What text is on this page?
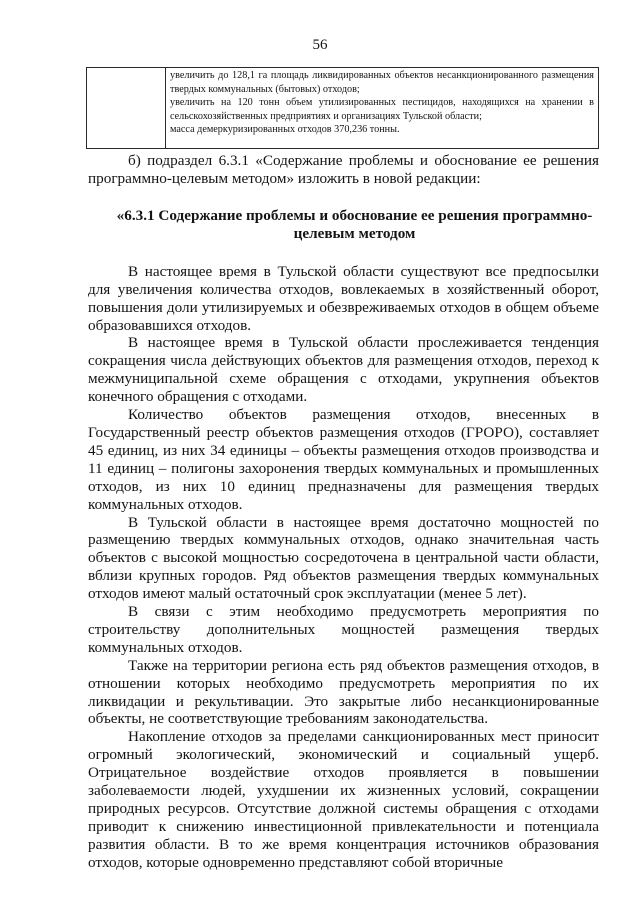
56

увеличить до 128,1 га площадь ликвидированных объектов несанкционированного размещения твердых коммунальных (бытовых) отходов;
увеличить на 120 тонн объем утилизированных пестицидов, находящихся на хранении в сельскохозяйственных предприятиях и организациях Тульской области;
масса демеркуризированных отходов 370,236 тонны.

б) подраздел 6.3.1 «Содержание проблемы и обоснование ее решения программно-целевым методом» изложить в новой редакции:

«6.3.1 Содержание проблемы и обоснование ее решения программно-целевым методом

В настоящее время в Тульской области существуют все предпосылки для увеличения количества отходов, вовлекаемых в хозяйственный оборот, повышения доли утилизируемых и обезвреживаемых отходов в общем объеме образовавшихся отходов.

В настоящее время в Тульской области прослеживается тенденция сокращения числа действующих объектов для размещения отходов, переход к межмуниципальной схеме обращения с отходами, укрупнения объектов конечного обращения с отходами.

Количество объектов размещения отходов, внесенных в Государственный реестр объектов размещения отходов (ГРОРО), составляет 45 единиц, из них 34 единицы – объекты размещения отходов производства и 11 единиц – полигоны захоронения твердых коммунальных и промышленных отходов, из них 10 единиц предназначены для размещения твердых коммунальных отходов.

В Тульской области в настоящее время достаточно мощностей по размещению твердых коммунальных отходов, однако значительная часть объектов с высокой мощностью сосредоточена в центральной части области, вблизи крупных городов. Ряд объектов размещения твердых коммунальных отходов имеют малый остаточный срок эксплуатации (менее 5 лет).

В связи с этим необходимо предусмотреть мероприятия по строительству дополнительных мощностей размещения твердых коммунальных отходов.

Также на территории региона есть ряд объектов размещения отходов, в отношении которых необходимо предусмотреть мероприятия по их ликвидации и рекультивации. Это закрытые либо несанкционированные объекты, не соответствующие требованиям законодательства.

Накопление отходов за пределами санкционированных мест приносит огромный экологический, экономический и социальный ущерб. Отрицательное воздействие отходов проявляется в повышении заболеваемости людей, ухудшении их жизненных условий, сокращении природных ресурсов. Отсутствие должной системы обращения с отходами приводит к снижению инвестиционной привлекательности и потенциала развития области. В то же время концентрация источников образования отходов, которые одновременно представляют собой вторичные
